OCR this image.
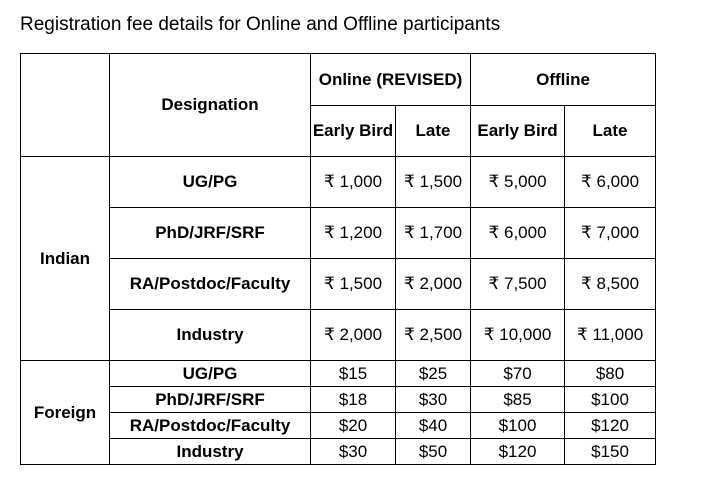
Registration fee details for Online and Offline participants
	Designation	Online (REVISED)		Offline	
		Early Bird	Late	Early Bird	Late
Indian	UG/PG	₹ 1,000	₹ 1,500	₹ 5,000	₹ 6,000
	PhD/JRF/SRF	₹ 1,200	₹ 1,700	₹ 6,000	₹ 7,000
	RA/Postdoc/Faculty	₹ 1,500	₹ 2,000	₹ 7,500	₹ 8,500
	Industry	₹ 2,000	₹ 2,500	₹ 10,000	₹ 11,000
Foreign	UG/PG	$15	$25	$70	$80
	PhD/JRF/SRF	$18	$30	$85	$100
	RA/Postdoc/Faculty	$20	$40	$100	$120
	Industry	$30	$50	$120	$150
